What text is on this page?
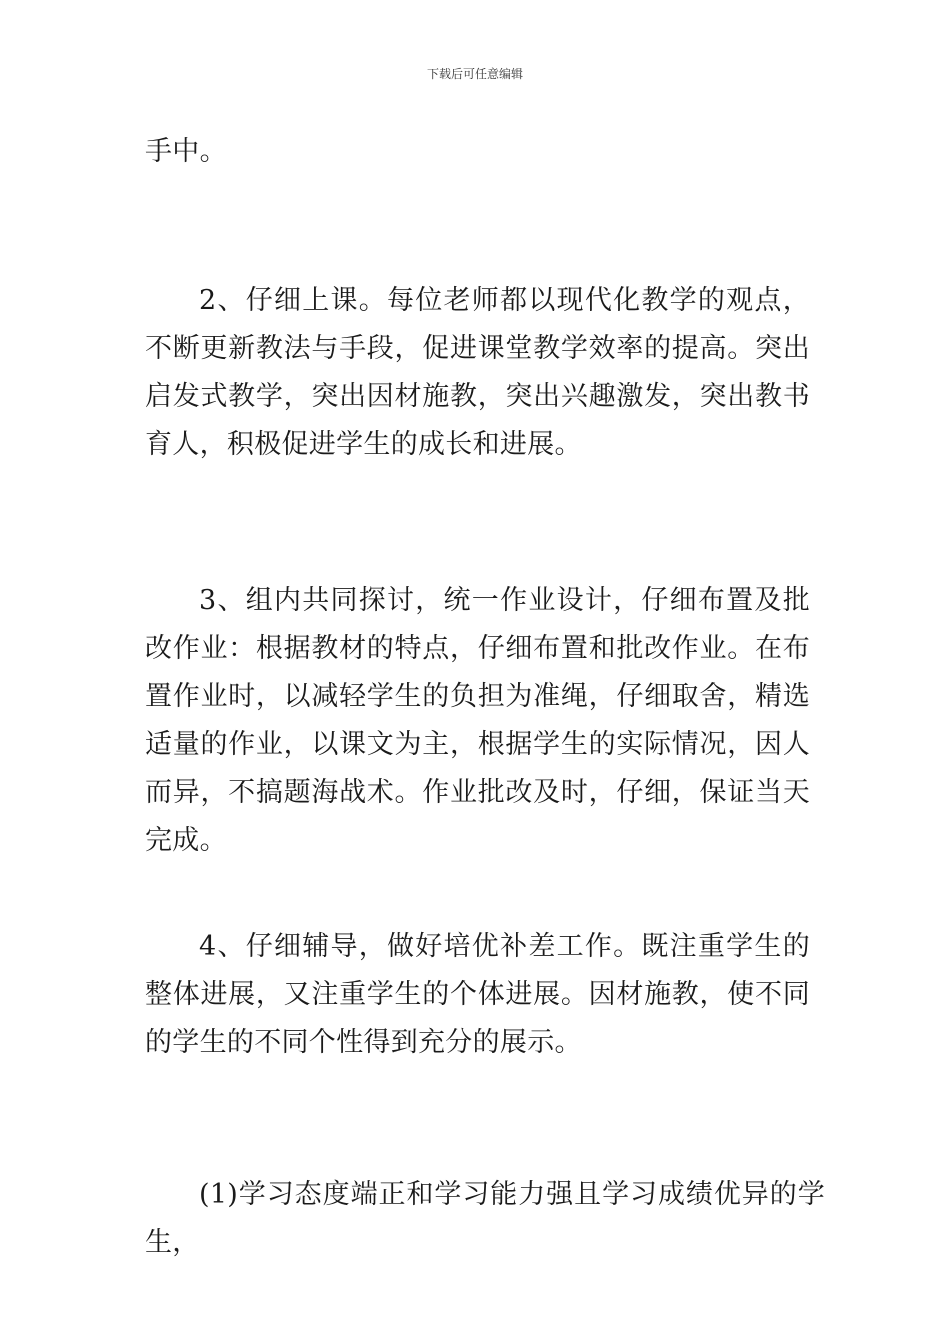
下载后可任意编辑

手中。

2、仔细上课。每位老师都以现代化教学的观点，不断更新教法与手段，促进课堂教学效率的提高。突出启发式教学，突出因材施教，突出兴趣激发，突出教书育人，积极促进学生的成长和进展。

3、组内共同探讨，统一作业设计，仔细布置及批改作业：根据教材的特点，仔细布置和批改作业。在布置作业时，以减轻学生的负担为准绳，仔细取舍，精选适量的作业，以课文为主，根据学生的实际情况，因人而异，不搞题海战术。作业批改及时，仔细，保证当天完成。

4、仔细辅导，做好培优补差工作。既注重学生的整体进展，又注重学生的个体进展。因材施教，使不同的学生的不同个性得到充分的展示。

(1)学习态度端正和学习能力强且学习成绩优异的学生，
